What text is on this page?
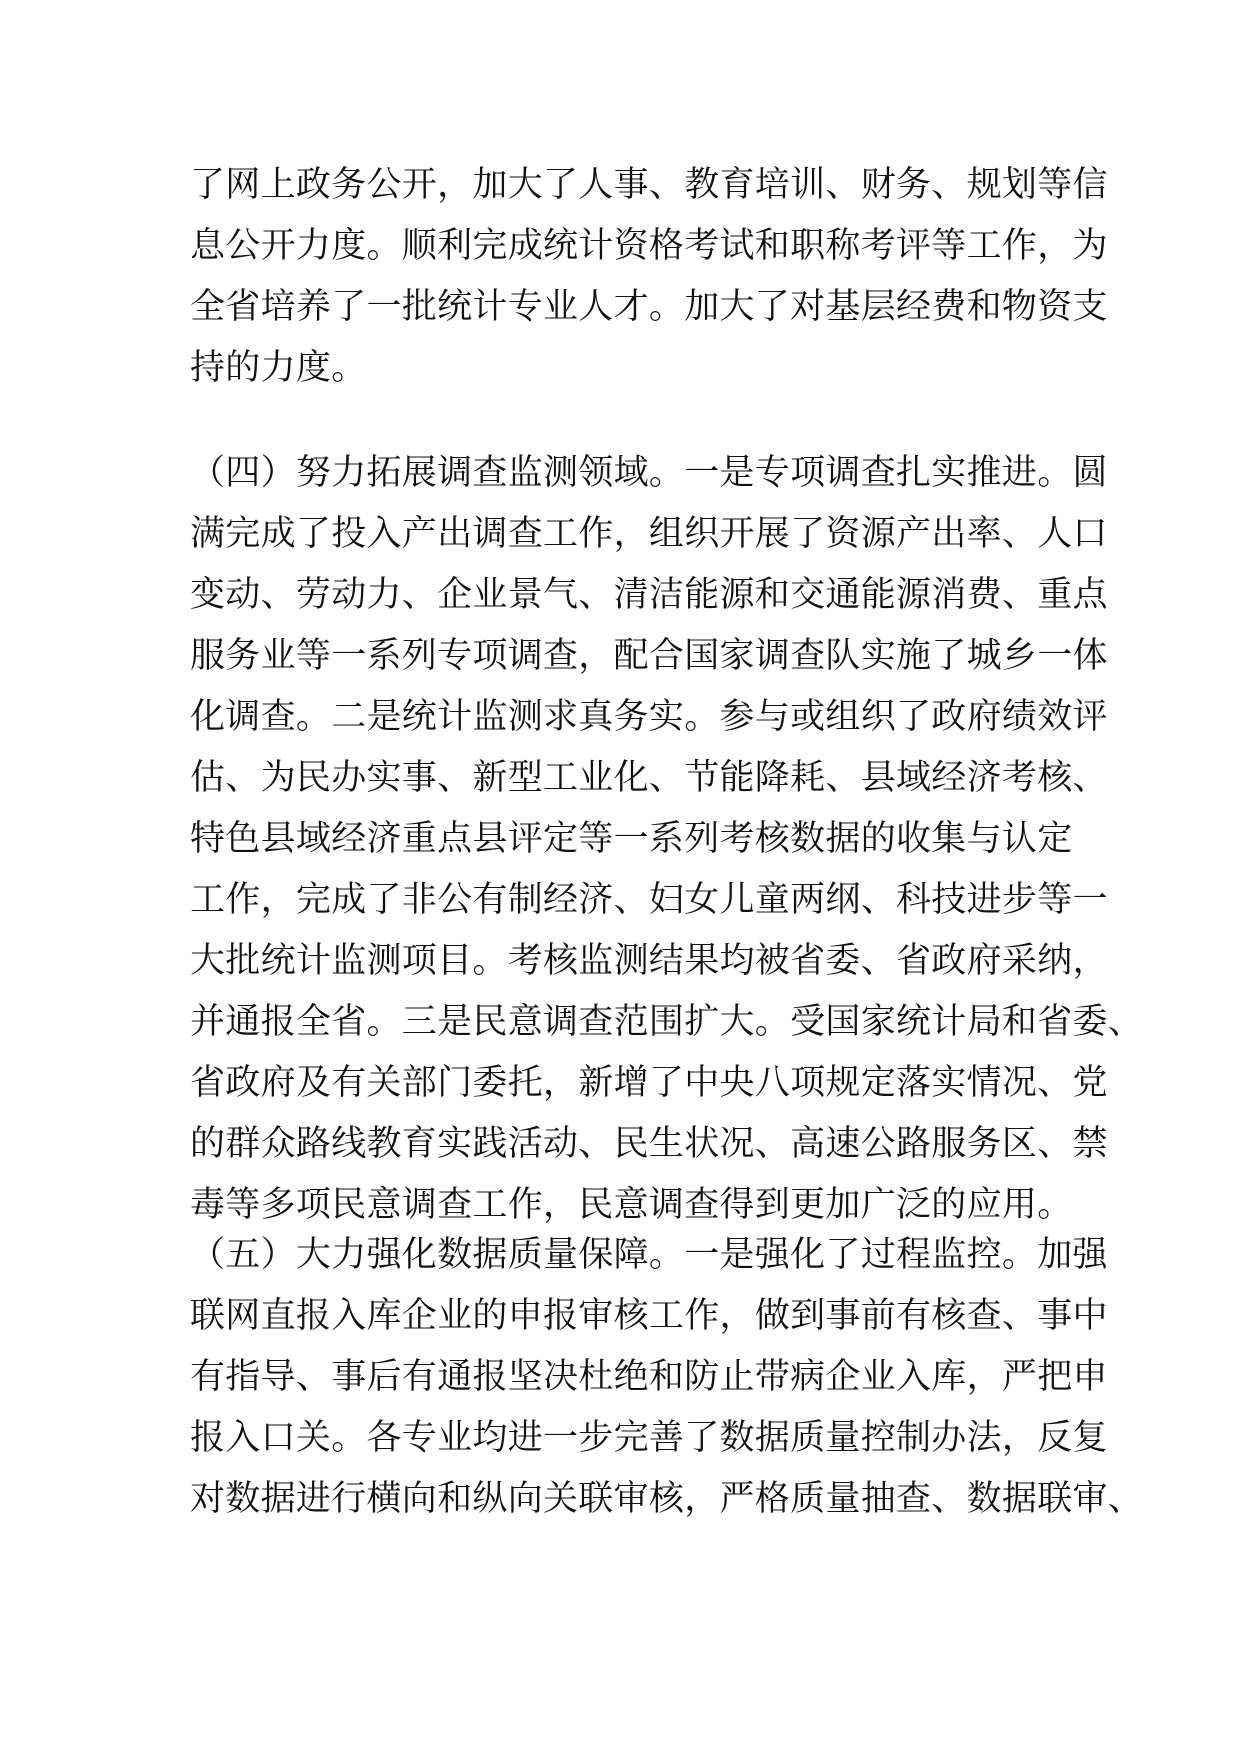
了网上政务公开，加大了人事、教育培训、财务、规划等信
息公开力度。顺利完成统计资格考试和职称考评等工作，为
全省培养了一批统计专业人才。加大了对基层经费和物资支
持的力度。
（四）努力拓展调查监测领域。一是专项调查扎实推进。圆
满完成了投入产出调查工作，组织开展了资源产出率、人口
变动、劳动力、企业景气、清洁能源和交通能源消费、重点
服务业等一系列专项调查，配合国家调查队实施了城乡一体
化调查。二是统计监测求真务实。参与或组织了政府绩效评
估、为民办实事、新型工业化、节能降耗、县域经济考核、
特色县域经济重点县评定等一系列考核数据的收集与认定
工作，完成了非公有制经济、妇女儿童两纲、科技进步等一
大批统计监测项目。考核监测结果均被省委、省政府采纳，
并通报全省。三是民意调查范围扩大。受国家统计局和省委、
省政府及有关部门委托，新增了中央八项规定落实情况、党
的群众路线教育实践活动、民生状况、高速公路服务区、禁
毒等多项民意调查工作，民意调查得到更加广泛的应用。
（五）大力强化数据质量保障。一是强化了过程监控。加强
联网直报入库企业的申报审核工作，做到事前有核查、事中
有指导、事后有通报坚决杜绝和防止带病企业入库，严把申
报入口关。各专业均进一步完善了数据质量控制办法，反复
对数据进行横向和纵向关联审核，严格质量抽查、数据联审、
